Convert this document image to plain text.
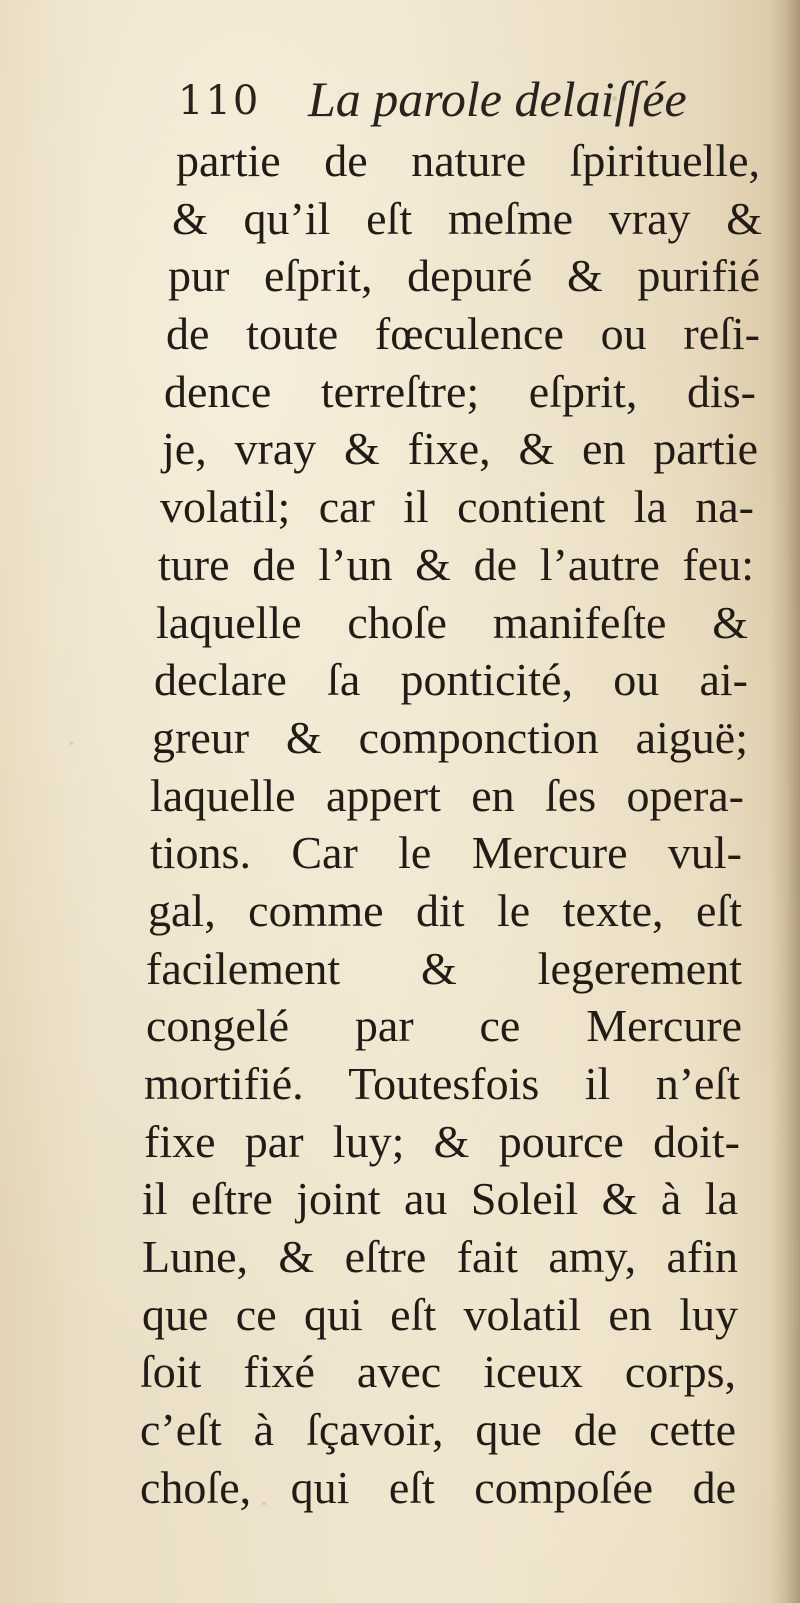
110 La parole delaiſſée
partie de nature ſpirituelle,
& qu’il eſt meſme vray &
pur eſprit, depuré & purifié
de toute fœculence ou reſi-
dence terreſtre; eſprit, dis-
je, vray & fixe, & en partie
volatil; car il contient la na-
ture de l’un & de l’autre feu:
laquelle choſe manifeſte &
declare ſa ponticité, ou ai-
greur & componction aiguë;
laquelle appert en ſes opera-
tions. Car le Mercure vul-
gal, comme dit le texte, eſt
facilement & legerement
congelé par ce Mercure
mortifié. Toutesfois il n’eſt
fixe par luy; & pource doit-
il eſtre joint au Soleil & à la
Lune, & eſtre fait amy, afin
que ce qui eſt volatil en luy
ſoit fixé avec iceux corps,
c’eſt à ſçavoir, que de cette
choſe, qui eſt compoſée de
